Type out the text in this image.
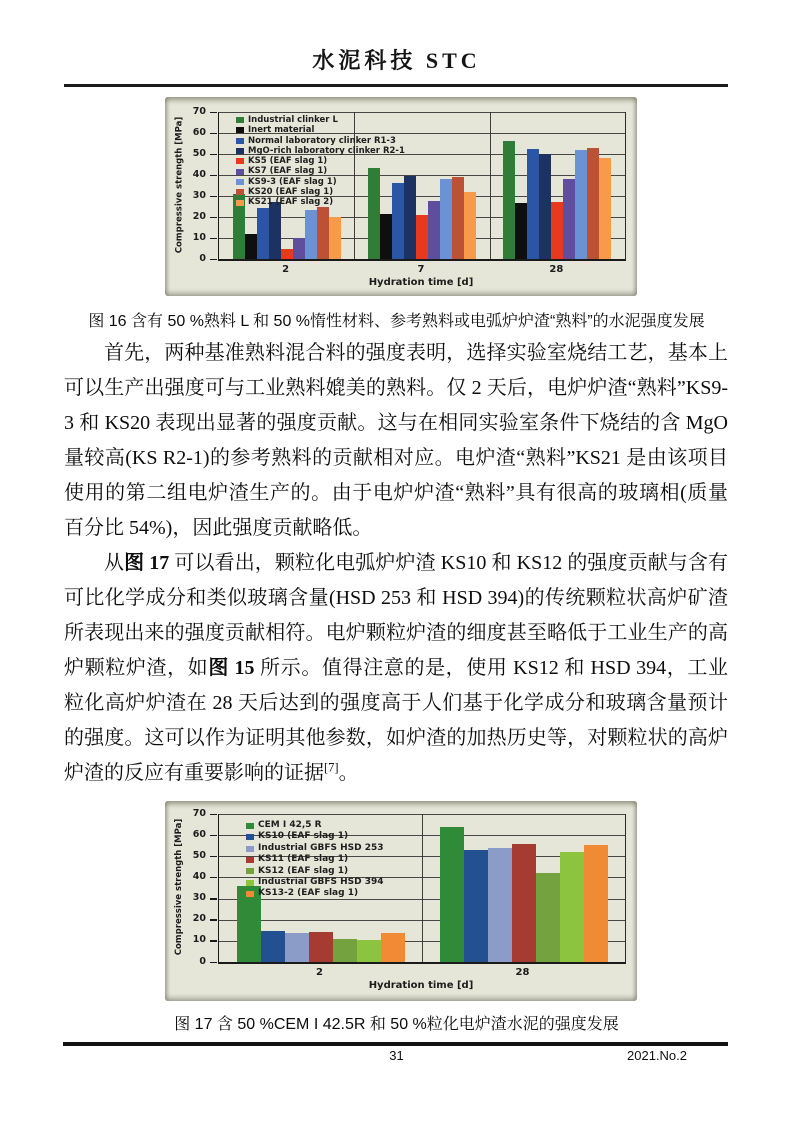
水泥科技 STC
0
10
20
30
40
50
60
70
2	7	28
Industrial clinker L
Inert material
Normal laboratory clinker R1-3
MgO-rich laboratory clinker R2-1
KS5 (EAF slag 1)
KS7 (EAF slag 1)
KS9-3 (EAF slag 1)
KS20 (EAF slag 1)
KS21 (EAF slag 2)
Hydration time [d]
Compressive strength [MPa]
图 16 含有 50 %熟料 L 和 50 %惰性材料、参考熟料或电弧炉炉渣“熟料”的水泥强度发展

首先，两种基准熟料混合料的强度表明，选择实验室烧结工艺，基本上可以生产出强度可与工业熟料媲美的熟料。仅 2 天后，电炉炉渣“熟料”KS9-3 和 KS20 表现出显著的强度贡献。这与在相同实验室条件下烧结的含 MgO 量较高(KS R2-1)的参考熟料的贡献相对应。电炉渣“熟料”KS21 是由该项目使用的第二组电炉渣生产的。由于电炉炉渣“熟料”具有很高的玻璃相(质量百分比 54%)，因此强度贡献略低。

从图 17 可以看出，颗粒化电弧炉炉渣 KS10 和 KS12 的强度贡献与含有可比化学成分和类似玻璃含量(HSD 253 和 HSD 394)的传统颗粒状高炉矿渣所表现出来的强度贡献相符。电炉颗粒炉渣的细度甚至略低于工业生产的高炉颗粒炉渣，如图 15 所示。值得注意的是，使用 KS12 和 HSD 394，工业粒化高炉炉渣在 28 天后达到的强度高于人们基于化学成分和玻璃含量预计的强度。这可以作为证明其他参数，如炉渣的加热历史等，对颗粒状的高炉炉渣的反应有重要影响的证据[7]。

0
10
20
30
40
50
60
70
2	28
CEM I 42,5 R
KS10 (EAF slag 1)
Industrial GBFS HSD 253
KS11 (EAF slag 1)
KS12 (EAF slag 1)
Industrial GBFS HSD 394
KS13-2 (EAF slag 1)
Hydration time [d]
Compressive strength [MPa]
图 17 含 50 %CEM I 42.5R 和 50 %粒化电炉渣水泥的强度发展
31	2021.No.2
